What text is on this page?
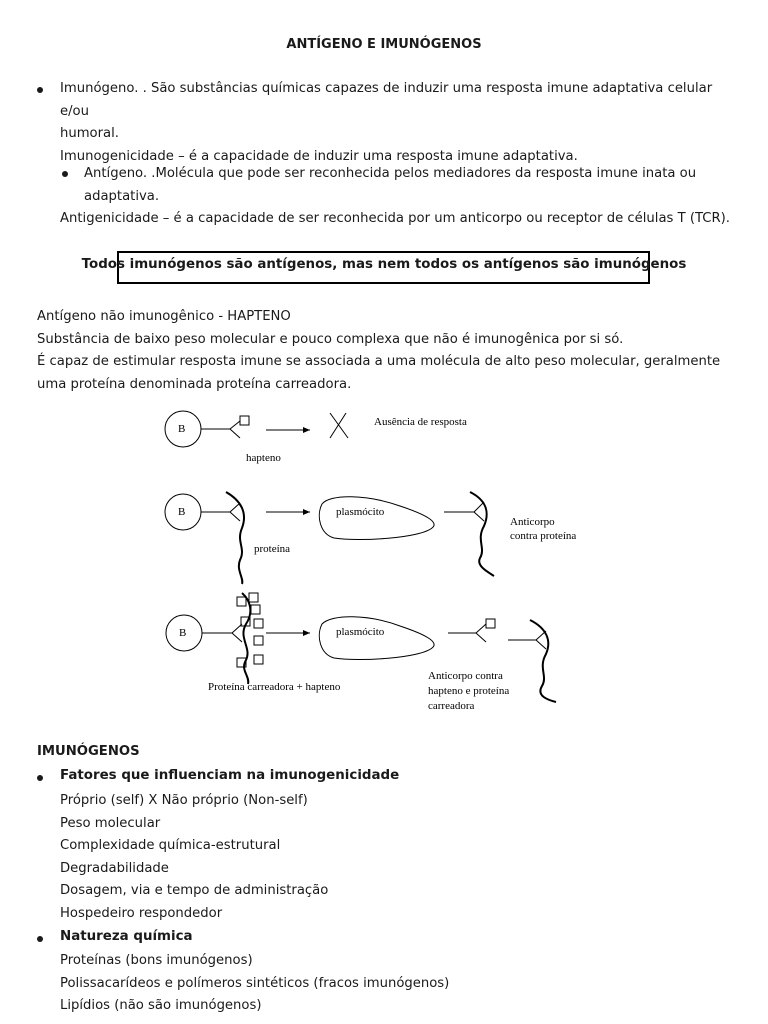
ANTÍGENO E IMUNÓGENOS
Imunógeno. . São substâncias químicas capazes de induzir uma resposta imune adaptativa celular e/ou
humoral.
Imunogenicidade – é a capacidade de induzir uma resposta imune adaptativa.
Antígeno. .Molécula que pode ser reconhecida pelos mediadores da resposta imune inata ou
adaptativa.
Antigenicidade – é a capacidade de ser reconhecida por um anticorpo ou receptor de células T (TCR).
Todos imunógenos são antígenos, mas nem todos os antígenos são imunógenos
Antígeno não imunogênico - HAPTENO
Substância de baixo peso molecular e pouco complexa que não é imunogênica por si só.
É capaz de estimular resposta imune se associada a uma molécula de alto peso molecular, geralmente
uma proteína denominada proteína carreadora.
B
B
B
Ausência de resposta
hapteno
plasmócito
proteína
Anticorpo
contra proteína
plasmócito
Proteína carreadora + hapteno
Anticorpo contra
hapteno e proteína
carreadora
IMUNÓGENOS
Fatores que influenciam na imunogenicidade
Próprio (self) X Não próprio (Non-self)
Peso molecular
Complexidade química-estrutural
Degradabilidade
Dosagem, via e tempo de administração
Hospedeiro respondedor
Natureza química
Proteínas (bons imunógenos)
Polissacarídeos e polímeros sintéticos (fracos imunógenos)
Lipídios (não são imunógenos)
